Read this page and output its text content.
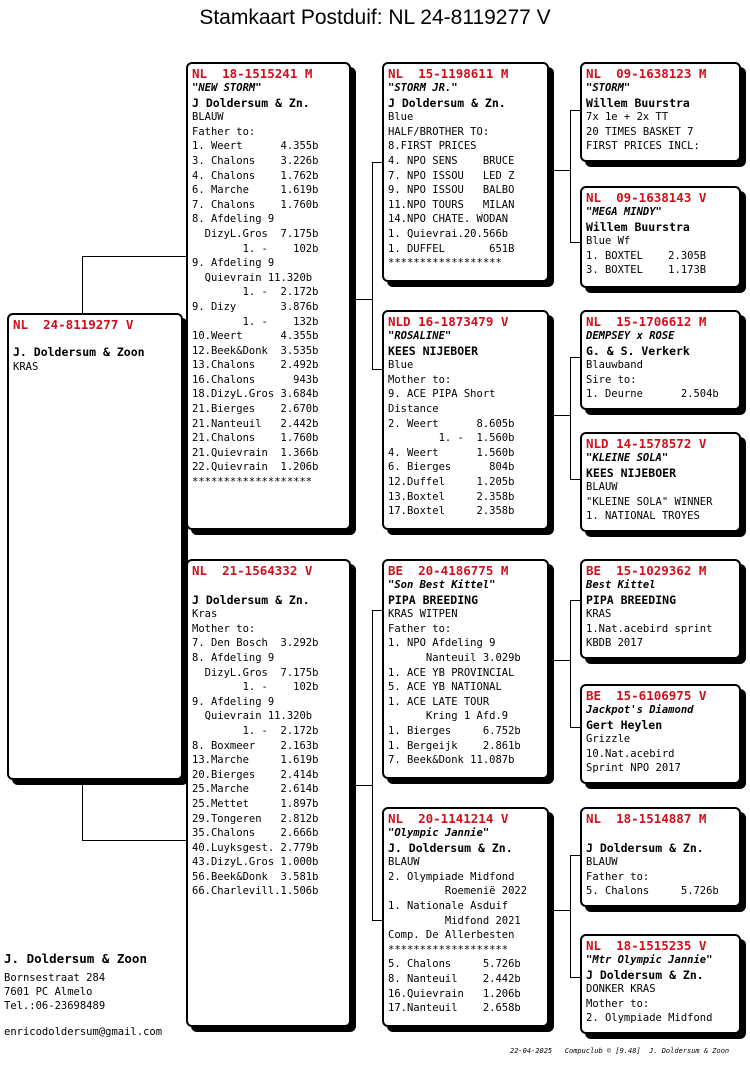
Stamkaart Postduif: NL 24-8119277 V
NL  24-8119277 V
J. Doldersum & Zoon
KRAS
NL  18-1515241 M
"NEW STORM"
J Doldersum & Zn.
BLAUW
Father to:
1. Weert      4.355b
3. Chalons    3.226b
4. Chalons    1.762b
6. Marche     1.619b
7. Chalons    1.760b
8. Afdeling 9
DizyL.Gros  7.175b
1. -    102b
9. Afdeling 9
Quievrain 11.320b
1. -  2.172b
9. Dizy       3.876b
1. -    132b
10.Weert      4.355b
12.Beek&Donk  3.535b
13.Chalons    2.492b
16.Chalons      943b
18.DizyL.Gros 3.684b
21.Bierges    2.670b
21.Nanteuil   2.442b
21.Chalons    1.760b
21.Quievrain  1.366b
22.Quievrain  1.206b
*******************
NL  21-1564332 V
J Doldersum & Zn.
Kras
Mother to:
7. Den Bosch  3.292b
8. Afdeling 9
DizyL.Gros  7.175b
1. -    102b
9. Afdeling 9
Quievrain 11.320b
1. -  2.172b
8. Boxmeer    2.163b
13.Marche     1.619b
20.Bierges    2.414b
25.Marche     2.614b
25.Mettet     1.897b
29.Tongeren   2.812b
35.Chalons    2.666b
40.Luyksgest. 2.779b
43.DizyL.Gros 1.000b
56.Beek&Donk  3.581b
66.Charlevill.1.506b
NL  15-1198611 M
"STORM JR."
J Doldersum & Zn.
Blue
HALF/BROTHER TO:
8.FIRST PRICES
4. NPO SENS    BRUCE
7. NPO ISSOU   LED Z
9. NPO ISSOU   BALBO
11.NPO TOURS   MILAN
14.NPO CHATE. WODAN
1. Quievrai.20.566b
1. DUFFEL       651B
******************
NLD 16-1873479 V
"ROSALINE"
KEES NIJEBOER
Blue
Mother to:
9. ACE PIPA Short
Distance
2. Weert      8.605b
1. -  1.560b
4. Weert      1.560b
6. Bierges      804b
12.Duffel     1.205b
13.Boxtel     2.358b
17.Boxtel     2.358b
BE  20-4186775 M
"Son Best Kittel"
PIPA BREEDING
KRAS WITPEN
Father to:
1. NPO Afdeling 9
Nanteuil 3.029b
1. ACE YB PROVINCIAL
5. ACE YB NATIONAL
1. ACE LATE TOUR
Kring 1 Afd.9
1. Bierges     6.752b
1. Bergeijk    2.861b
7. Beek&Donk 11.087b
NL  20-1141214 V
"Olympic Jannie"
J. Doldersum & Zn.
BLAUW
2. Olympiade Midfond
Roemenië 2022
1. Nationale Asduif
Midfond 2021
Comp. De Allerbesten
*******************
5. Chalons     5.726b
8. Nanteuil    2.442b
16.Quievrain   1.206b
17.Nanteuil    2.658b
NL  09-1638123 M
"STORM"
Willem Buurstra
7x 1e + 2x TT
20 TIMES BASKET 7
FIRST PRICES INCL:
NL  09-1638143 V
"MEGA MINDY"
Willem Buurstra
Blue Wf
1. BOXTEL    2.305B
3. BOXTEL    1.173B
NL  15-1706612 M
DEMPSEY x ROSE
G. & S. Verkerk
Blauwband
Sire to:
1. Deurne      2.504b
NLD 14-1578572 V
"KLEINE SOLA"
KEES NIJEBOER
BLAUW
"KLEINE SOLA" WINNER
1. NATIONAL TROYES
BE  15-1029362 M
Best Kittel
PIPA BREEDING
KRAS
1.Nat.acebird sprint
KBDB 2017
BE  15-6106975 V
Jackpot's Diamond
Gert Heylen
Grizzle
10.Nat.acebird
Sprint NPO 2017
NL  18-1514887 M
J Doldersum & Zn.
BLAUW
Father to:
5. Chalons     5.726b
NL  18-1515235 V
"Mtr Olympic Jannie"
J Doldersum & Zn.
DONKER KRAS
Mother to:
2. Olympiade Midfond
J. Doldersum & Zoon
Bornsestraat 284
7601 PC Almelo
Tel.:06-23698489
enricodoldersum@gmail.com
22-04-2025   Compuclub © [9.48]  J. Doldersum & Zoon
